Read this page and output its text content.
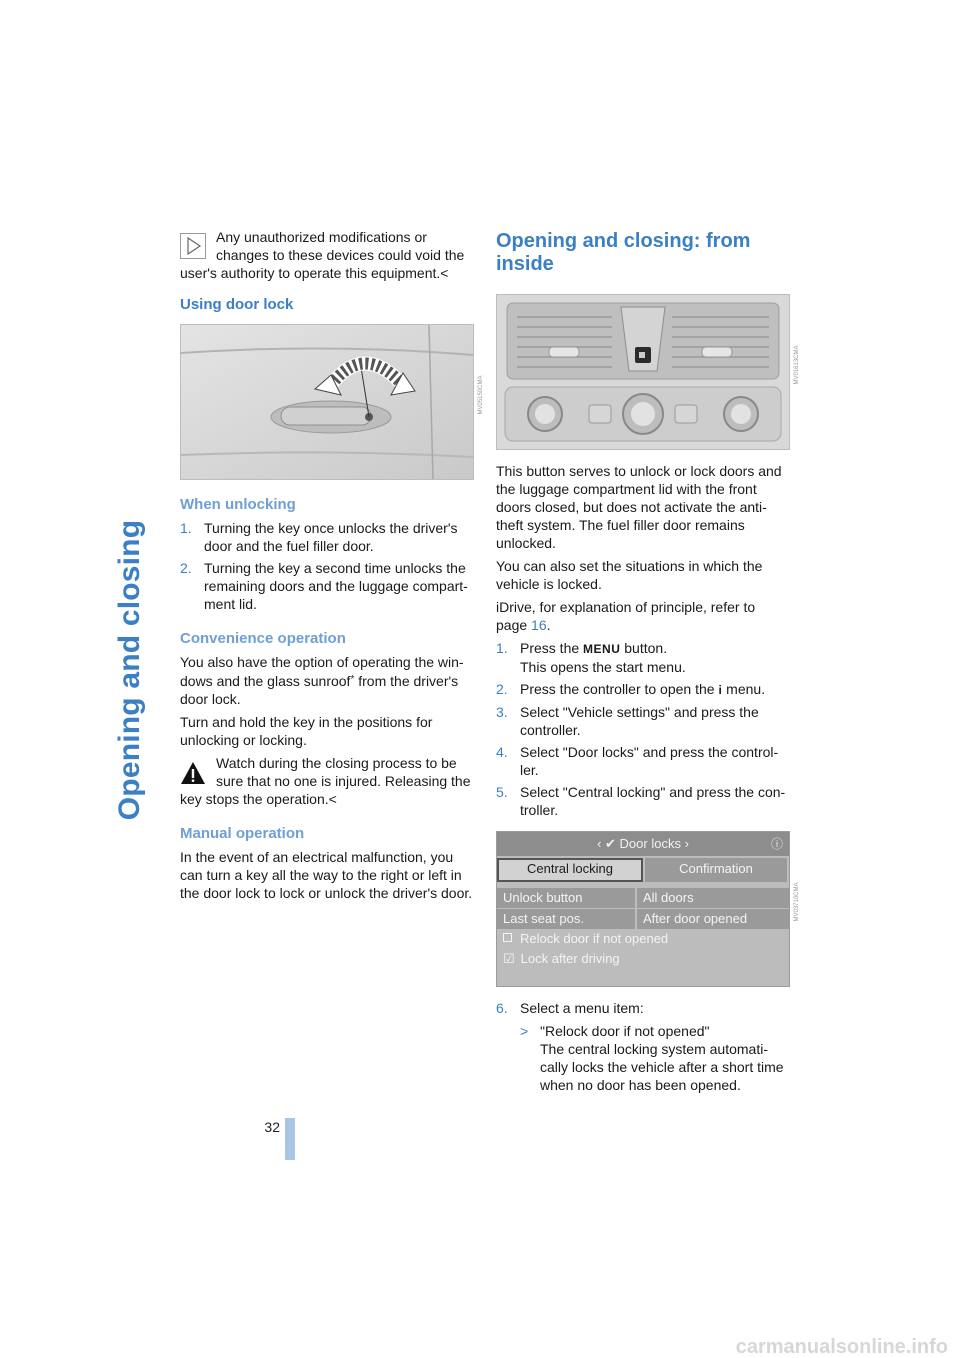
Opening and closing

Any unauthorized modifications or changes to these devices could void the user's authority to operate this equipment.<

Using door lock
MV05150CMA
When unlocking
1. Turning the key once unlocks the driver's door and the fuel filler door.
2. Turning the key a second time unlocks the remaining doors and the luggage compart-ment lid.
Convenience operation

You also have the option of operating the win-dows and the glass sunroof* from the driver's door lock.

Turn and hold the key in the positions for unlocking or locking.

Watch during the closing process to be sure that no one is injured. Releasing the key stops the operation.<

Manual operation

In the event of an electrical malfunction, you can turn a key all the way to the right or left in the door lock to lock or unlock the driver's door.

Opening and closing: from inside
MV01613CMA

This button serves to unlock or lock doors and the luggage compartment lid with the front doors closed, but does not activate the anti-theft system. The fuel filler door remains unlocked.

You can also set the situations in which the vehicle is locked.

iDrive, for explanation of principle, refer to page 16.

1. Press the MENU button.
This opens the start menu.
2. Press the controller to open the i menu.
3. Select "Vehicle settings" and press the controller.
4. Select "Door locks" and press the control-ler.
5. Select "Central locking" and press the con-troller.
‹ ✔ Door locks ›	ⓘ
Central locking	Confirmation
Unlock button	All doors
Last seat pos.	After door opened
Relock door if not opened
☑ Lock after driving
MV03710CMA
6. Select a menu item:
> "Relock door if not opened"
The central locking system automati-cally locks the vehicle after a short time when no door has been opened.
32
carmanualsonline.info
